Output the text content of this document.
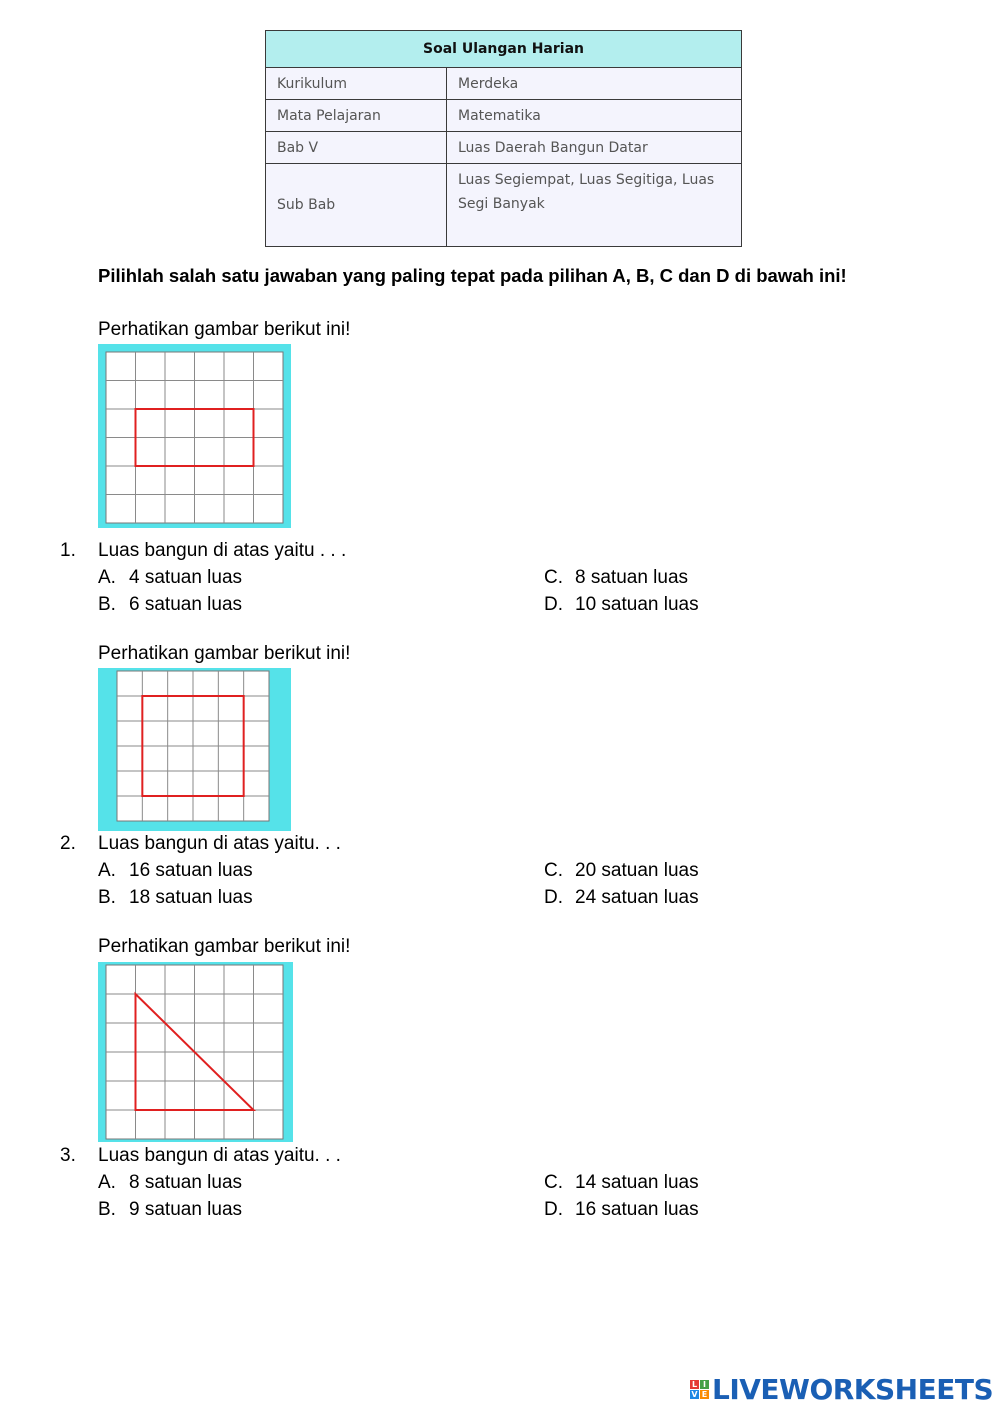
Soal Ulangan Harian	
Kurikulum	Merdeka
Mata Pelajaran	Matematika
Bab V	Luas Daerah Bangun Datar
Sub Bab	Luas Segiempat, Luas Segitiga, Luas Segi Banyak
Pilihlah salah satu jawaban yang paling tepat pada pilihan A, B, C dan D di bawah ini!
Perhatikan gambar berikut ini!
1. Luas bangun di atas yaitu . . .
A. 4 satuan luas
B. 6 satuan luas
C. 8 satuan luas
D. 10 satuan luas
Perhatikan gambar berikut ini!
2. Luas bangun di atas yaitu. . .
A. 16 satuan luas
B. 18 satuan luas
C. 20 satuan luas
D. 24 satuan luas
Perhatikan gambar berikut ini!
3. Luas bangun di atas yaitu. . .
A. 8 satuan luas
B. 9 satuan luas
C. 14 satuan luas
D. 16 satuan luas
L I
V E LIVEWORKSHEETS
